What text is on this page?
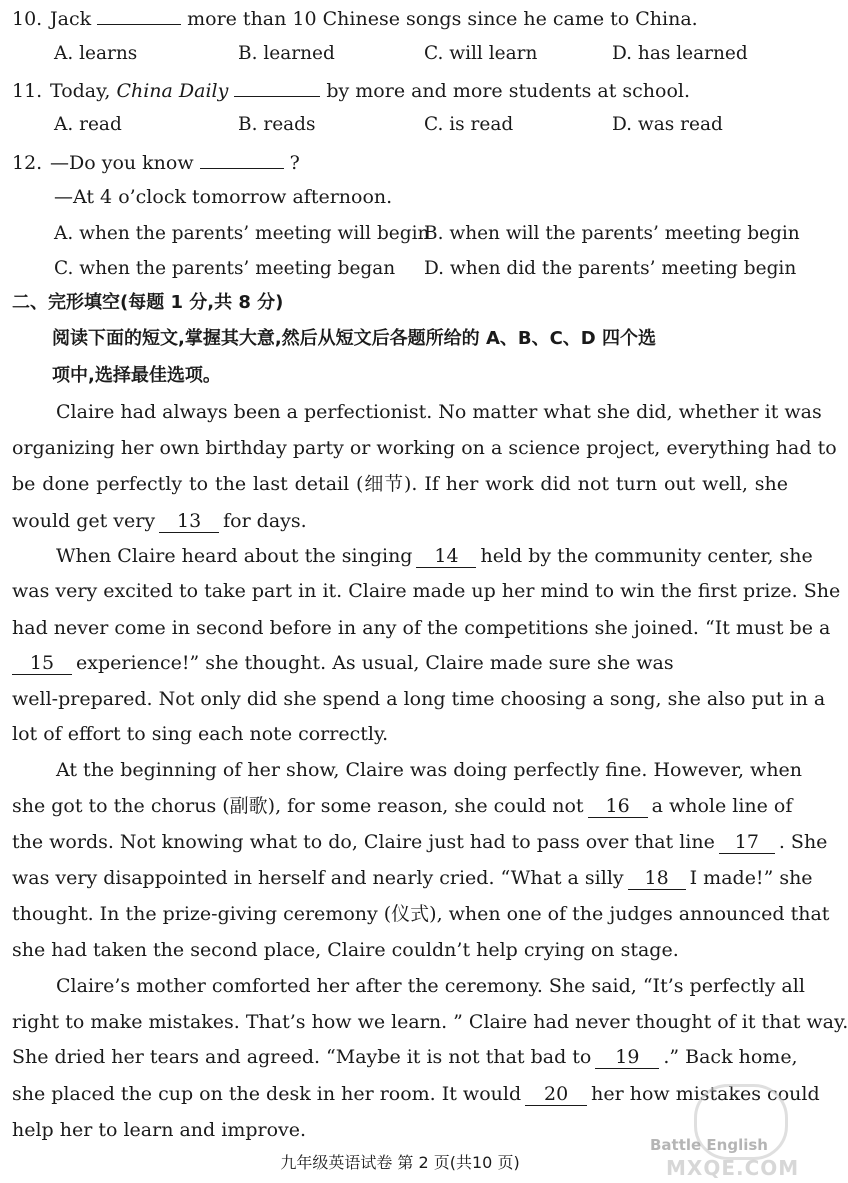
10. Jack	more than 10 Chinese songs since he came to China.
A. learns	B. learned	C. will learn	D. has learned
11. Today, China Daily	by more and more students at school.
A. read	B. reads	C. is read	D. was read
12. —Do you know	?
—At 4 o’clock tomorrow afternoon.
A. when the parents’ meeting will begin
B. when will the parents’ meeting begin
C. when the parents’ meeting began D. when did the parents’ meeting begin
二、完形填空(每题 1 分,共 8 分)
阅读下面的短文,掌握其大意,然后从短文后各题所给的 A、B、C、D 四个选
项中,选择最佳选项。
Claire had always been a perfectionist. No matter what she did, whether it was
organizing her own birthday party or working on a science project, everything had to
be done perfectly to the last detail (细节). If her work did not turn out well, she
would get very 13 for days.
When Claire heard about the singing 14 held by the community center, she
was very excited to take part in it. Claire made up her mind to win the first prize. She
had never come in second before in any of the competitions she joined. “It must be a
15 experience!” she thought. As usual, Claire made sure she was
well-prepared. Not only did she spend a long time choosing a song, she also put in a
lot of effort to sing each note correctly.
At the beginning of her show, Claire was doing perfectly fine. However, when
she got to the chorus (副歌), for some reason, she could not 16 a whole line of
the words. Not knowing what to do, Claire just had to pass over that line 17 . She
was very disappointed in herself and nearly cried. “What a silly 18 I made!” she
thought. In the prize-giving ceremony (仪式), when one of the judges announced that
she had taken the second place, Claire couldn’t help crying on stage.
Claire’s mother comforted her after the ceremony. She said, “It’s perfectly all
right to make mistakes. That’s how we learn. ” Claire had never thought of it that way.
She dried her tears and agreed. “Maybe it is not that bad to 19 .” Back home,
she placed the cup on the desk in her room. It would 20 her how mistakes could
help her to learn and improve.
九年级英语试卷 第 2 页(共10 页)
Battle English
MXQE.COM
